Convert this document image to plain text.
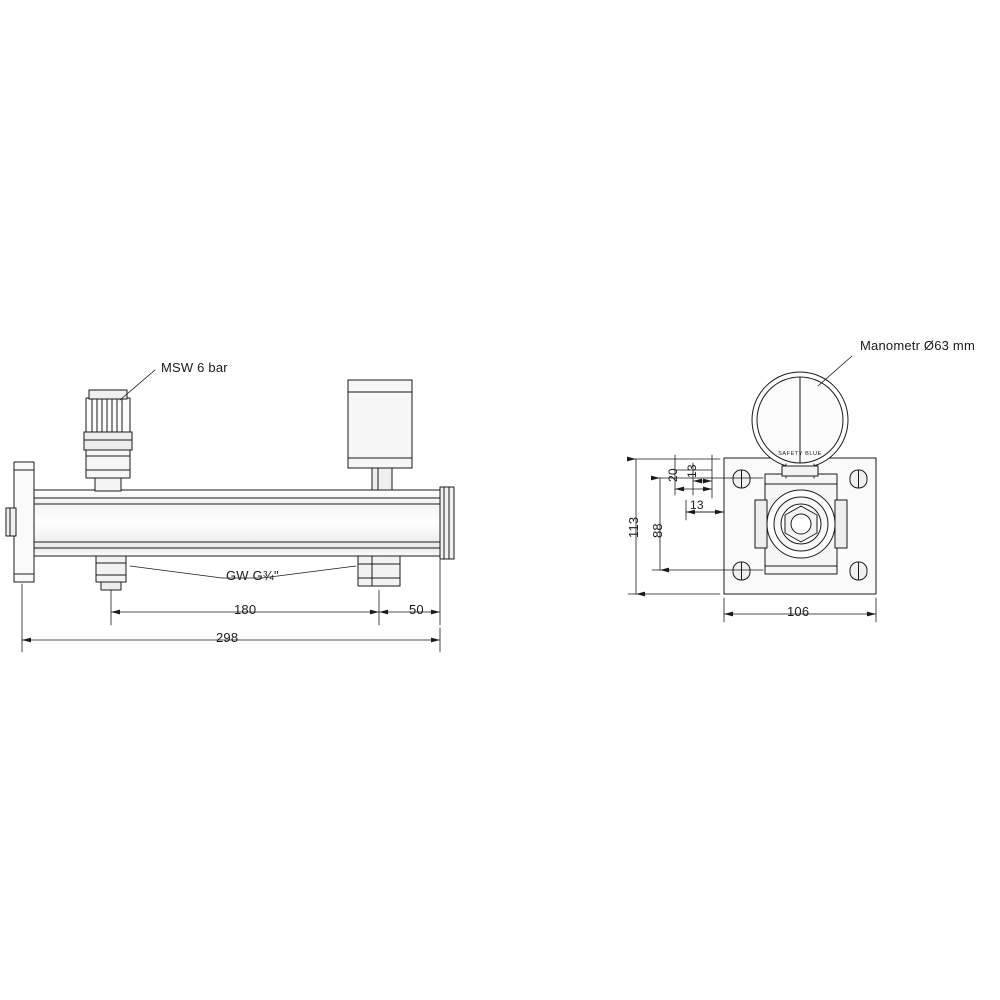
SAFETY BLUE
MSW 6 bar
GW G¾"
180	50
298
Manometr Ø63 mm
113 88
20 13
13
106
